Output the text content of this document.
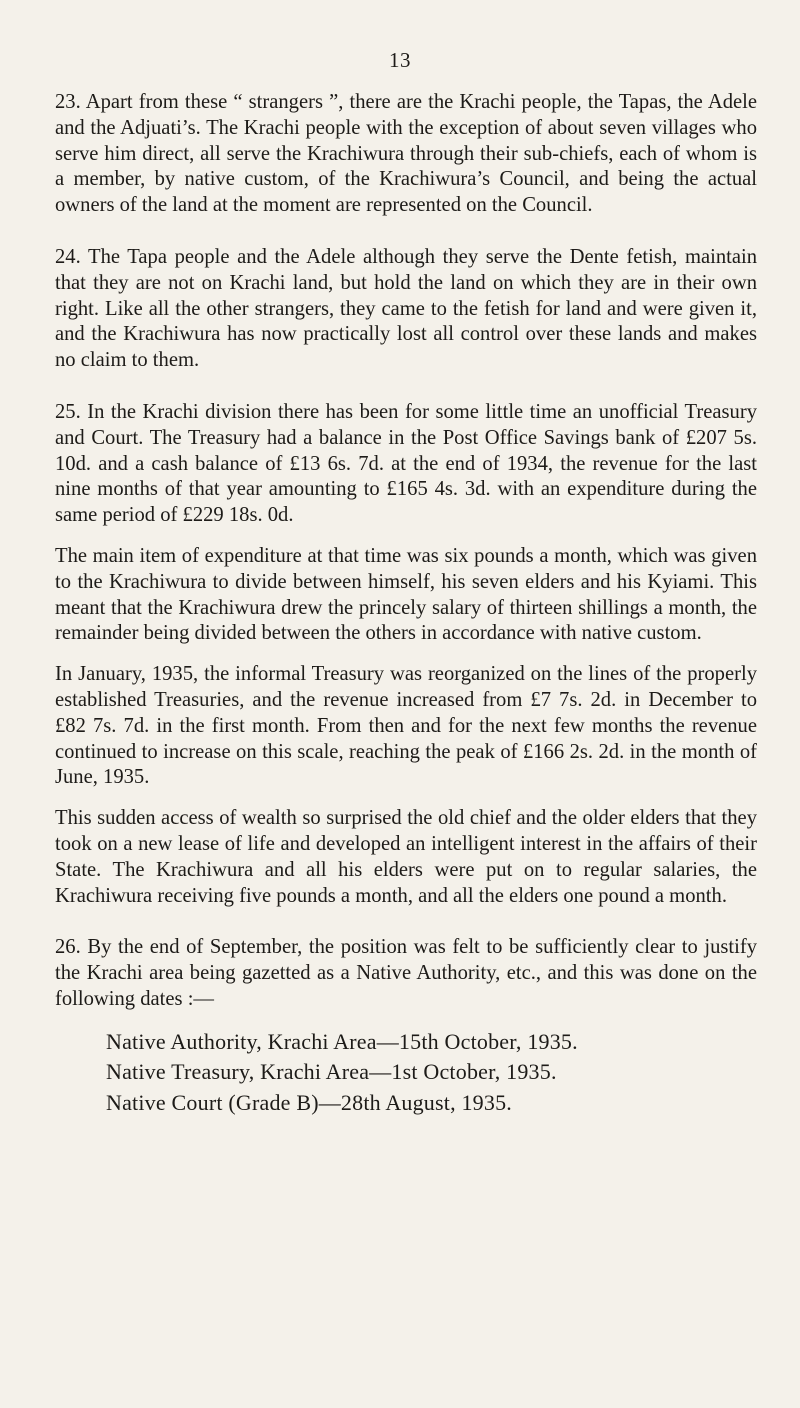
13

23. Apart from these “ strangers ”, there are the Krachi people, the Tapas, the Adele and the Adjuati’s. The Krachi people with the exception of about seven villages who serve him direct, all serve the Krachiwura through their sub-chiefs, each of whom is a member, by native custom, of the Krachiwura’s Council, and being the actual owners of the land at the moment are represented on the Council.

24. The Tapa people and the Adele although they serve the Dente fetish, maintain that they are not on Krachi land, but hold the land on which they are in their own right. Like all the other strangers, they came to the fetish for land and were given it, and the Krachiwura has now practically lost all control over these lands and makes no claim to them.

25. In the Krachi division there has been for some little time an unofficial Treasury and Court. The Treasury had a balance in the Post Office Savings bank of £207 5s. 10d. and a cash balance of £13 6s. 7d. at the end of 1934, the revenue for the last nine months of that year amounting to £165 4s. 3d. with an expenditure during the same period of £229 18s. 0d.

The main item of expenditure at that time was six pounds a month, which was given to the Krachiwura to divide between himself, his seven elders and his Kyiami. This meant that the Krachiwura drew the princely salary of thirteen shillings a month, the remainder being divided between the others in accordance with native custom.

In January, 1935, the informal Treasury was reorganized on the lines of the properly established Treasuries, and the revenue increased from £7 7s. 2d. in December to £82 7s. 7d. in the first month. From then and for the next few months the revenue continued to increase on this scale, reaching the peak of £166 2s. 2d. in the month of June, 1935.

This sudden access of wealth so surprised the old chief and the older elders that they took on a new lease of life and developed an intelligent interest in the affairs of their State. The Krachiwura and all his elders were put on to regular salaries, the Krachiwura receiving five pounds a month, and all the elders one pound a month.

26. By the end of September, the position was felt to be sufficiently clear to justify the Krachi area being gazetted as a Native Authority, etc., and this was done on the following dates :—

Native Authority, Krachi Area—15th October, 1935.
Native Treasury, Krachi Area—1st October, 1935.
Native Court (Grade B)—28th August, 1935.
